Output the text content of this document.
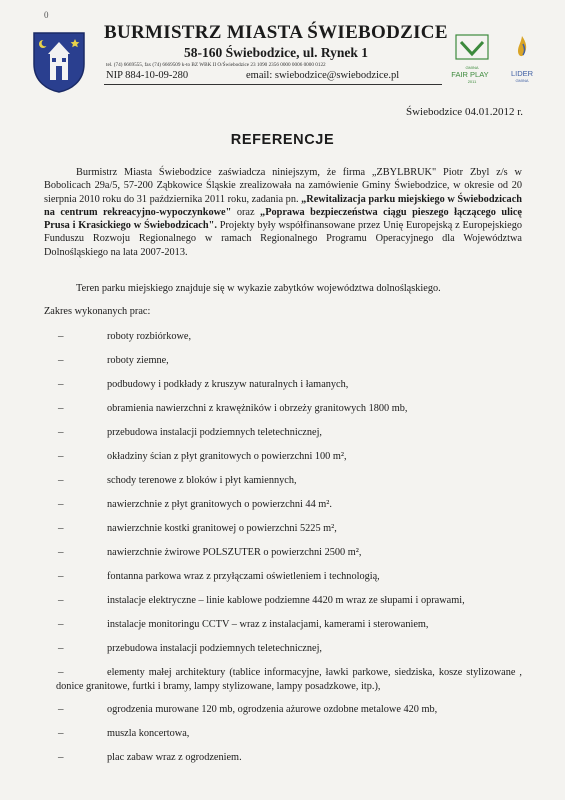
0
BURMISTRZ MIASTA ŚWIEBODZICE
58-160 Świebodzice, ul. Rynek 1
tel. (74) 6669555, fax (74) 6669509 k-to BZ WBK II O/Świebodzice 23 1090 2356 0000 0006 0000 0122
NIP 884-10-09-280	email: swiebodzice@swiebodzice.pl
GMINA
FAIR PLAY
2011
LIDER
GMINA
Świebodzice 04.01.2012 r.
REFERENCJE
Burmistrz Miasta Świebodzice zaświadcza niniejszym, że firma „ZBYLBRUK" Piotr Zbyl z/s w Bobolicach 29a/5, 57-200 Ząbkowice Śląskie zrealizowała na zamówienie Gminy Świebodzice, w okresie od 20 sierpnia 2010 roku do 31 października 2011 roku, zadania pn. „Rewitalizacja parku miejskiego w Świebodzicach na centrum rekreacyjno-wypoczynkowe" oraz „Poprawa bezpieczeństwa ciągu pieszego łączącego ulicę Prusa i Krasickiego w Świebodzicach". Projekty były współfinansowane przez Unię Europejską z Europejskiego Funduszu Rozwoju Regionalnego w ramach Regionalnego Programu Operacyjnego dla Województwa Dolnośląskiego na lata 2007-2013.
Teren parku miejskiego znajduje się w wykazie zabytków województwa dolnośląskiego.
Zakres wykonanych prac:
–	roboty rozbiórkowe,
–	roboty ziemne,
–	podbudowy i podkłady z kruszyw naturalnych i łamanych,
–	obramienia nawierzchni z krawężników i obrzeży granitowych 1800 mb,
–	przebudowa instalacji podziemnych teletechnicznej,
–	okładziny ścian z płyt granitowych o powierzchni 100 m²,
–	schody terenowe z bloków i płyt kamiennych,
–	nawierzchnie z płyt granitowych o powierzchni 44 m².
–	nawierzchnie kostki granitowej o powierzchni 5225 m²,
–	nawierzchnie żwirowe POLSZUTER o powierzchni 2500 m²,
–	fontanna parkowa wraz z przyłączami oświetleniem i technologią,
–	instalacje elektryczne – linie kablowe podziemne 4420 m wraz ze słupami i oprawami,
–	instalacje monitoringu CCTV – wraz z instalacjami, kamerami i sterowaniem,
–	przebudowa instalacji podziemnych teletechnicznej,
–	elementy małej architektury (tablice informacyjne, ławki parkowe, siedziska, kosze stylizowane , donice granitowe, furtki i bramy, lampy stylizowane, lampy posadzkowe, itp.),
–	ogrodzenia murowane 120 mb, ogrodzenia ażurowe ozdobne metalowe 420 mb,
–	muszla koncertowa,
–	plac zabaw wraz z ogrodzeniem.
